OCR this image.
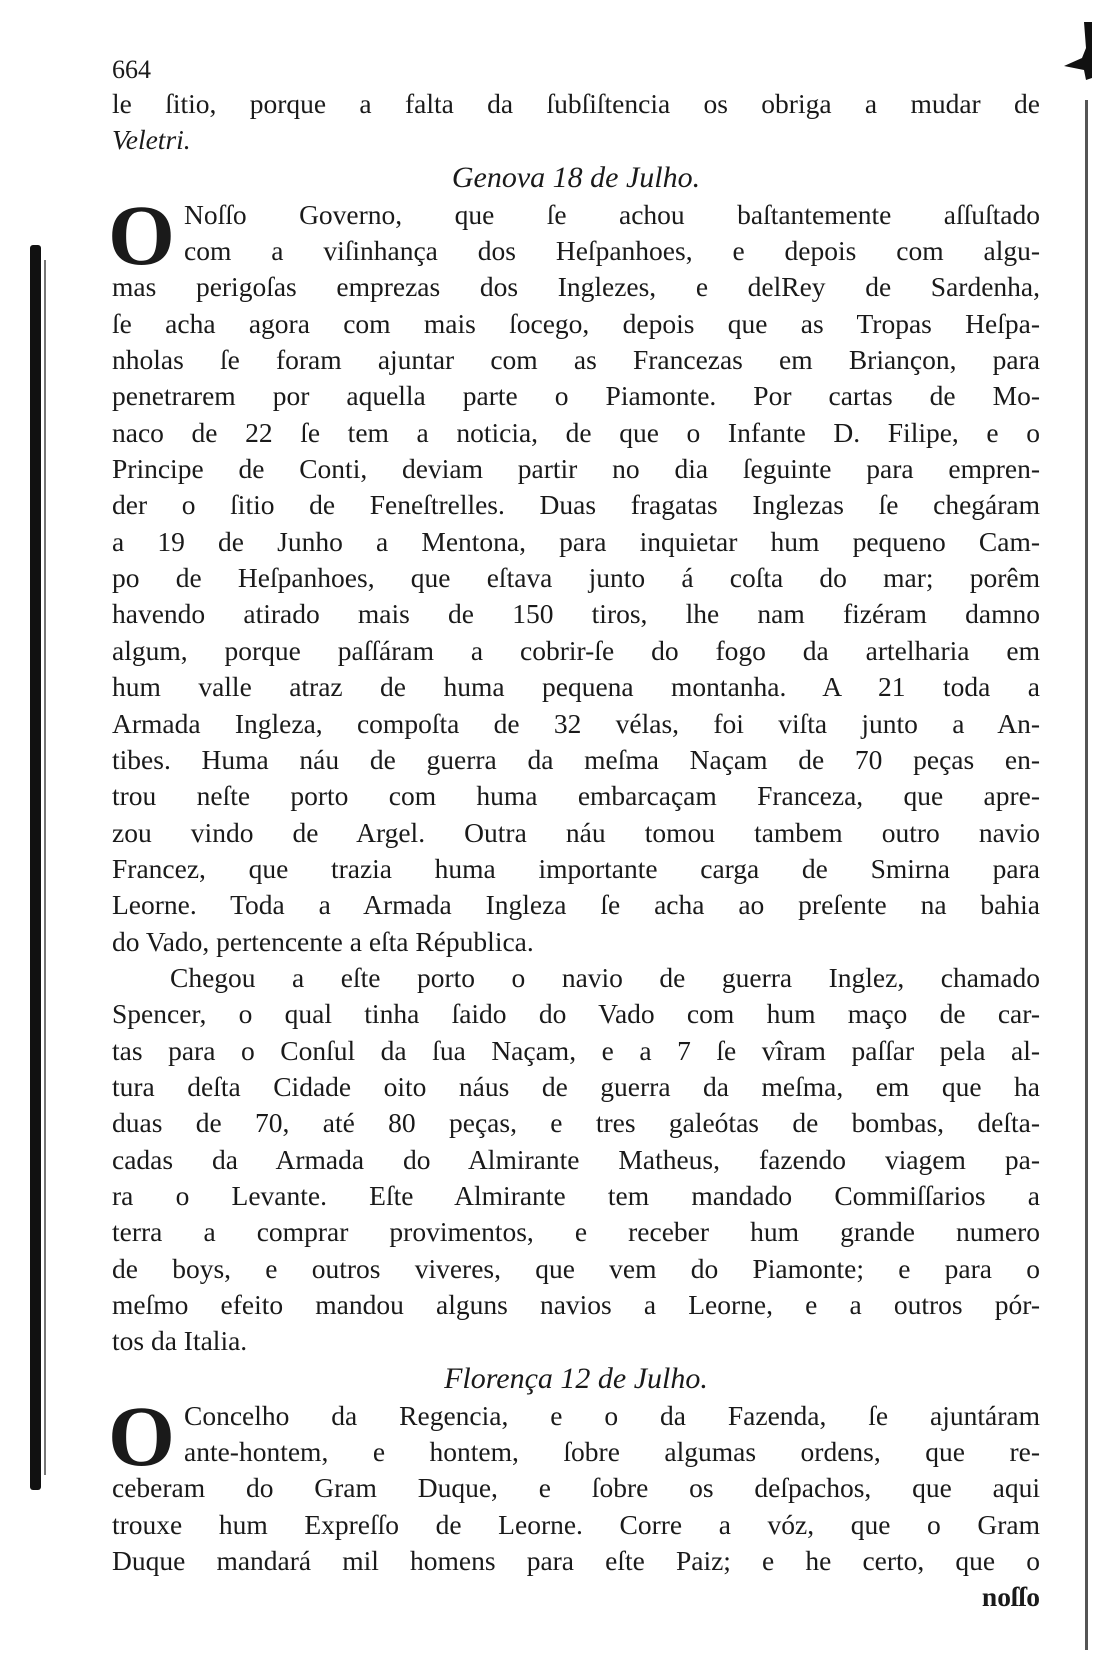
664
le ſitio, porque a falta da ſubſiſtencia os obriga a mudar de
Veletri.
Genova 18 de Julho.
O Noſſo Governo, que ſe achou baſtantemente aſſuſtado
com a viſinhança dos Heſpanhoes, e depois com algu-
mas perigoſas emprezas dos Inglezes, e delRey de Sardenha,
ſe acha agora com mais ſocego, depois que as Tropas Heſpa-
nholas ſe foram ajuntar com as Francezas em Briançon, para
penetrarem por aquella parte o Piamonte. Por cartas de Mo-
naco de 22 ſe tem a noticia, de que o Infante D. Filipe, e o
Principe de Conti, deviam partir no dia ſeguinte para empren-
der o ſitio de Feneſtrelles. Duas fragatas Inglezas ſe chegáram
a 19 de Junho a Mentona, para inquietar hum pequeno Cam-
po de Heſpanhoes, que eſtava junto á coſta do mar; porêm
havendo atirado mais de 150 tiros, lhe nam fizéram damno
algum, porque paſſáram a cobrir-ſe do fogo da artelharia em
hum valle atraz de huma pequena montanha. A 21 toda a
Armada Ingleza, compoſta de 32 vélas, foi viſta junto a An-
tibes. Huma náu de guerra da meſma Naçam de 70 peças en-
trou neſte porto com huma embarcaçam Franceza, que apre-
zou vindo de Argel. Outra náu tomou tambem outro navio
Francez, que trazia huma importante carga de Smirna para
Leorne. Toda a Armada Ingleza ſe acha ao preſente na bahia
do Vado, pertencente a eſta Républica.
Chegou a eſte porto o navio de guerra Inglez, chamado
Spencer, o qual tinha ſaido do Vado com hum maço de car-
tas para o Conſul da ſua Naçam, e a 7 ſe vîram paſſar pela al-
tura deſta Cidade oito náus de guerra da meſma, em que ha
duas de 70, até 80 peças, e tres galeótas de bombas, deſta-
cadas da Armada do Almirante Matheus, fazendo viagem pa-
ra o Levante. Eſte Almirante tem mandado Commiſſarios a
terra a comprar provimentos, e receber hum grande numero
de boys, e outros viveres, que vem do Piamonte; e para o
meſmo efeito mandou alguns navios a Leorne, e a outros pór-
tos da Italia.
Florença 12 de Julho.
O Concelho da Regencia, e o da Fazenda, ſe ajuntáram
ante-hontem, e hontem, ſobre algumas ordens, que re-
ceberam do Gram Duque, e ſobre os deſpachos, que aqui
trouxe hum Expreſſo de Leorne. Corre a vóz, que o Gram
Duque mandará mil homens para eſte Paiz; e he certo, que o
noſſo
